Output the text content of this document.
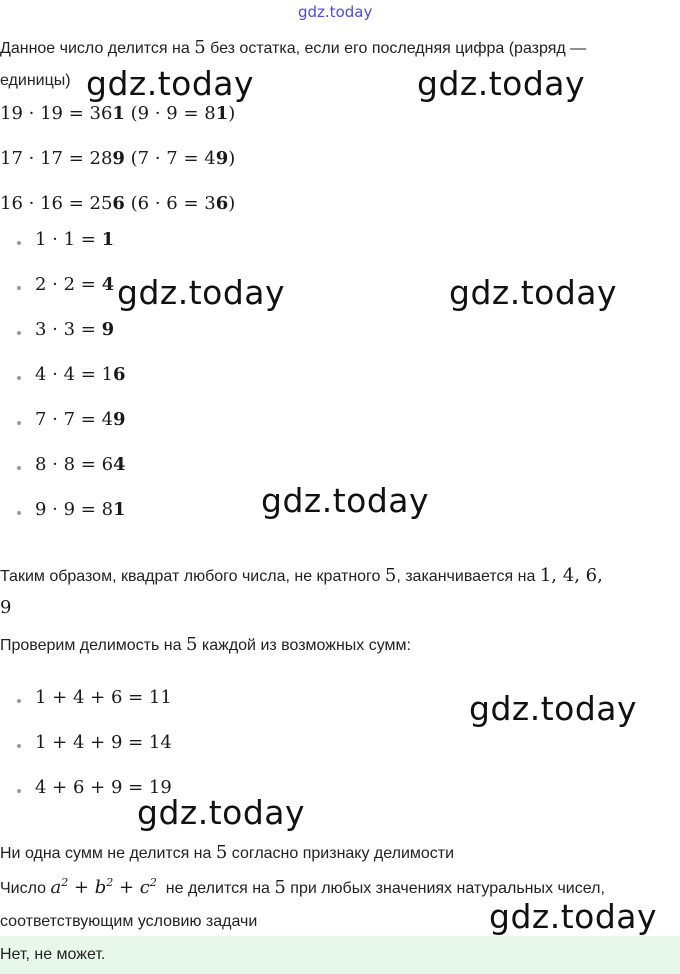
gdz.today
Данное число делится на 5 без остатка, если его последняя цифра (разряд —
единицы)
19 · 19 = 361 (9 · 9 = 81)
17 · 17 = 289 (7 · 7 = 49)
16 · 16 = 256 (6 · 6 = 36)
1 · 1 = 1
2 · 2 = 4
3 · 3 = 9
4 · 4 = 16
7 · 7 = 49
8 · 8 = 64
9 · 9 = 81
Таким образом, квадрат любого числа, не кратного 5, заканчивается на 1, 4, 6,
9
Проверим делимость на 5 каждой из возможных сумм:
1 + 4 + 6 = 11
1 + 4 + 9 = 14
4 + 6 + 9 = 19
Ни одна сумм не делится на 5 согласно признаку делимости
Число $a^2 + b^2 + c^2$ не делится на 5 при любых значениях натуральных чисел,
соответствующим условию задачи
Нет, не может.
gdz.today	gdz.today
gdz.today	gdz.today
gdz.today
gdz.today
gdz.today
gdz.today
